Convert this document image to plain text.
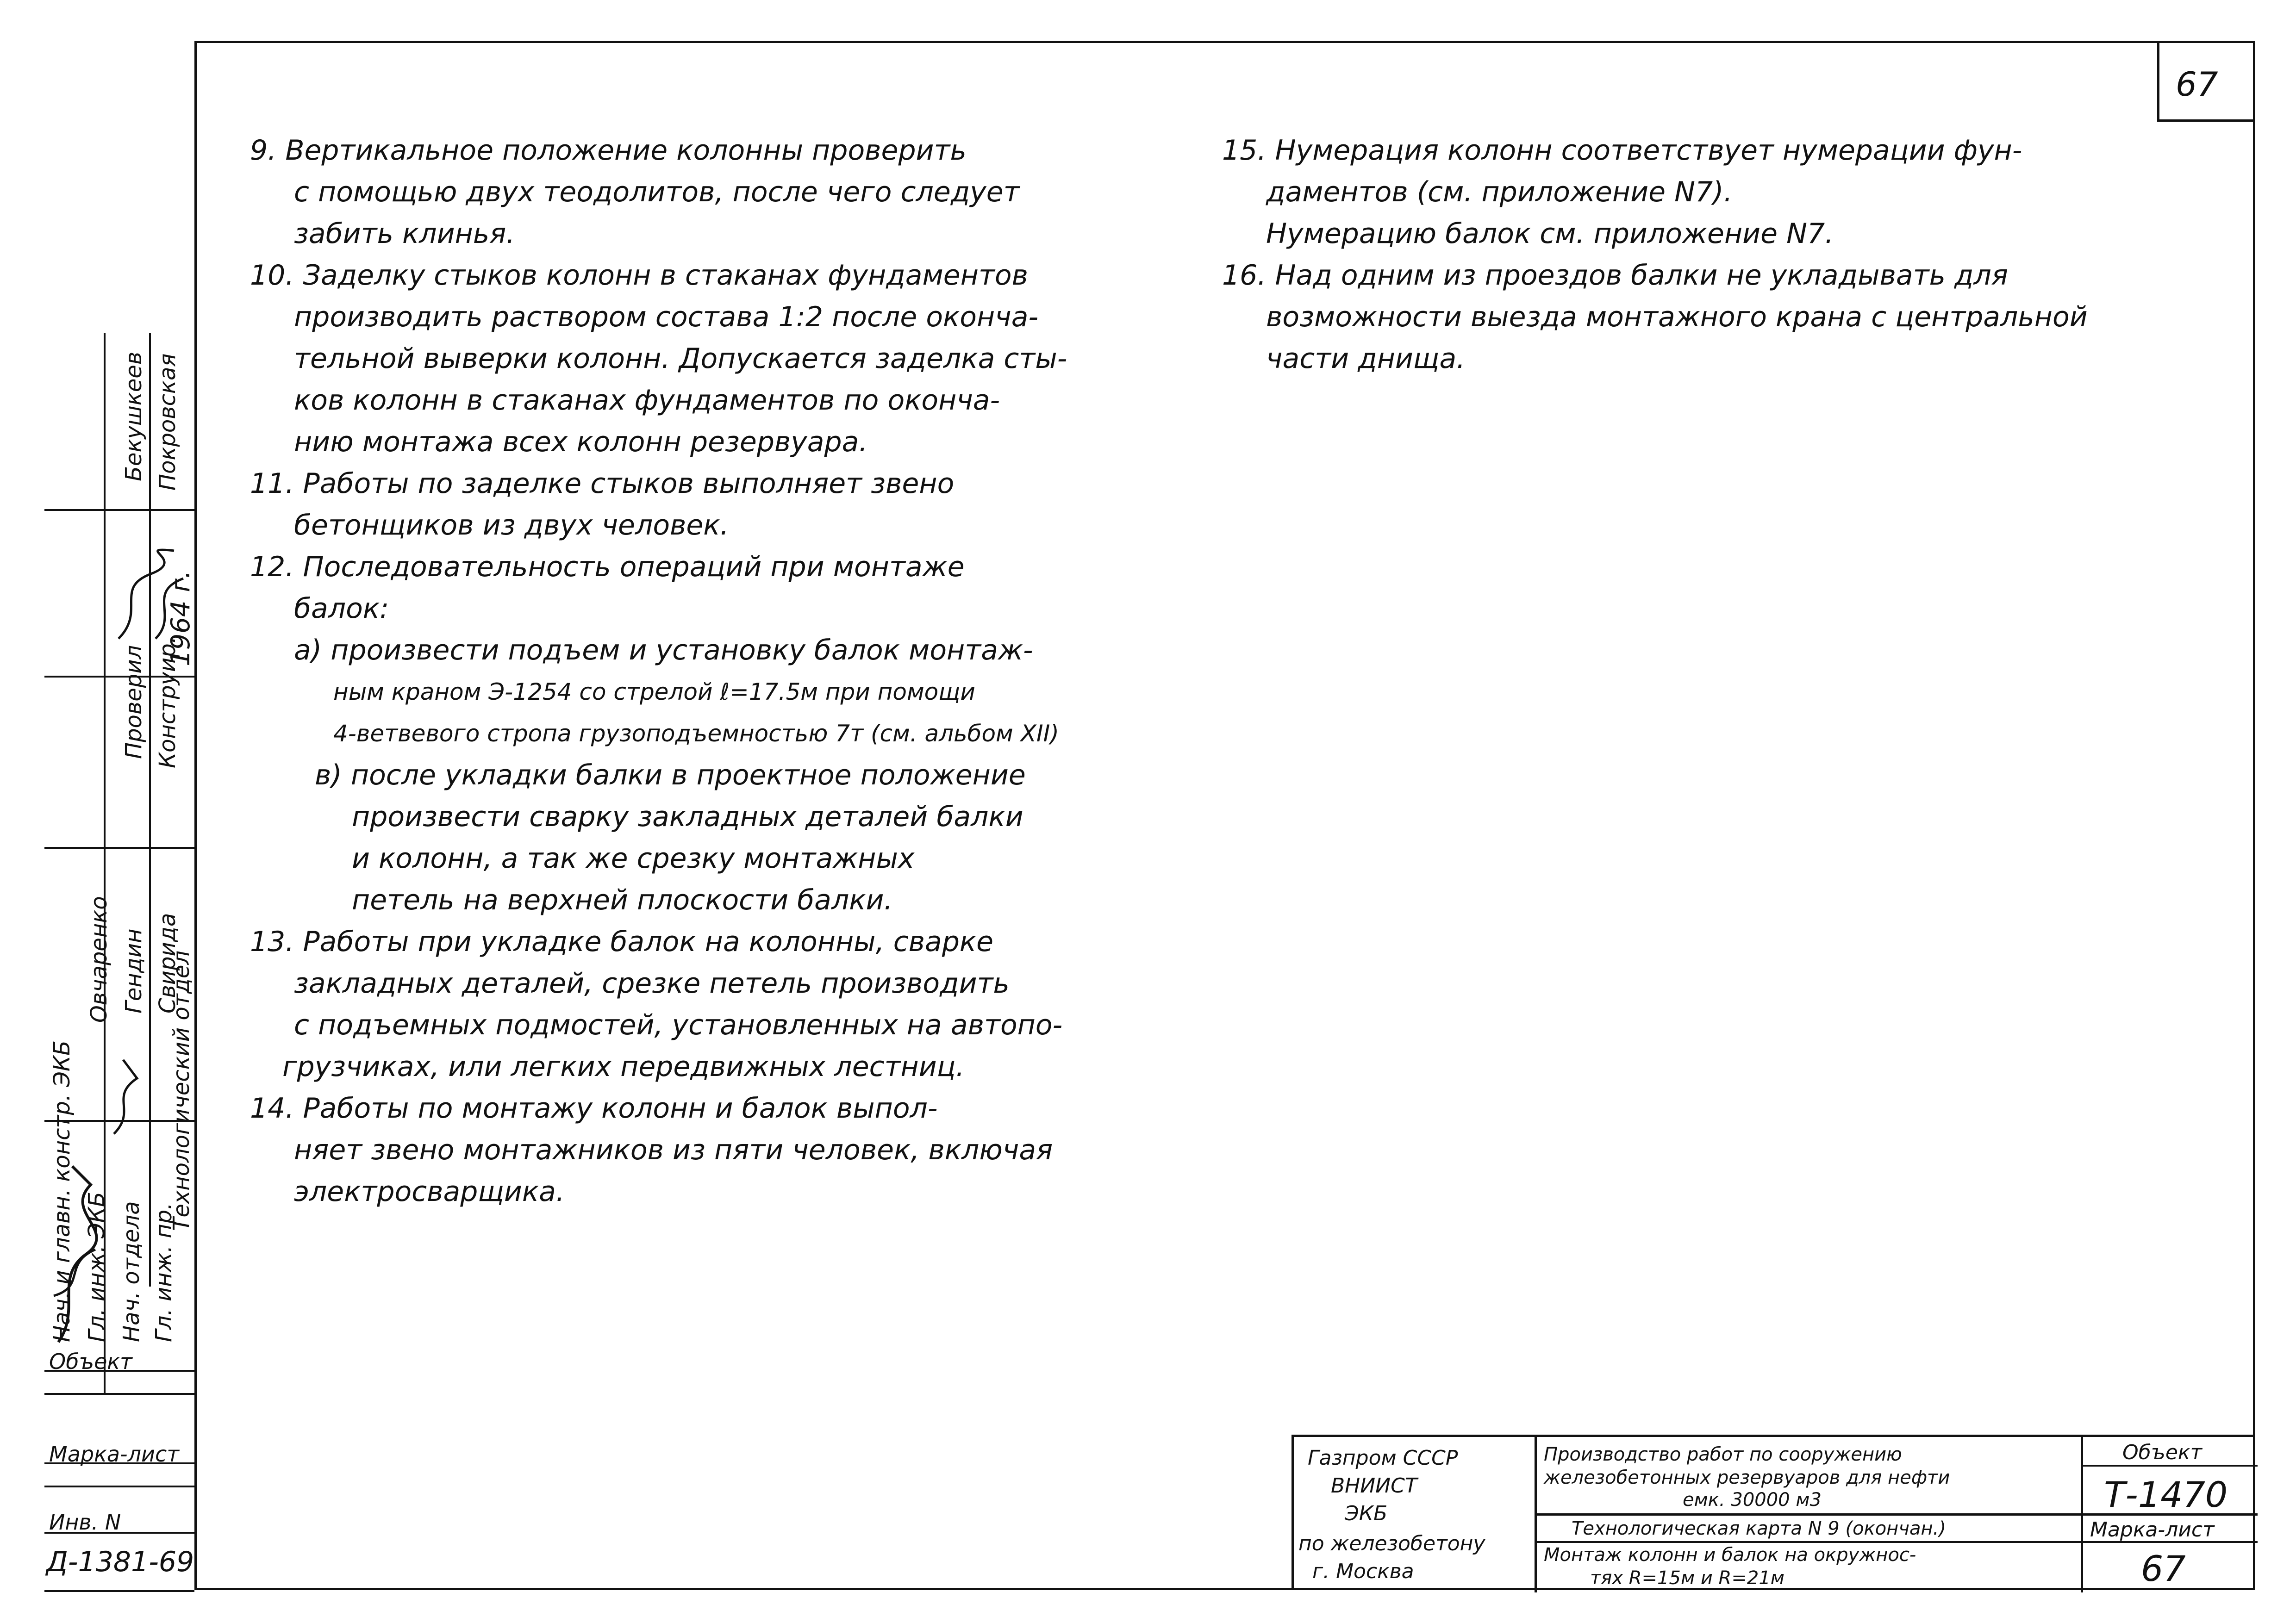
67

9. Вертикальное положение колонны проверить

с помощью двух теодолитов, после чего следует

забить клинья.

10. Заделку стыков колонн в стаканах фундаментов

производить раствором состава 1:2 после оконча-

тельной выверки колонн. Допускается заделка сты-

ков колонн в стаканах фундаментов по оконча-

нию монтажа всех колонн резервуара.

11. Работы по заделке стыков выполняет звено

бетонщиков из двух человек.

12. Последовательность операций при монтаже

балок:

а) произвести подъем и установку балок монтаж-

ным краном Э-1254 со стрелой ℓ=17.5м при помощи

4-ветвевого стропа грузоподъемностью 7т (см. альбом XII)

в) после укладки балки в проектное положение

произвести сварку закладных деталей балки

и колонн, а так же срезку монтажных

петель на верхней плоскости балки.

13. Работы при укладке балок на колонны, сварке

закладных деталей, срезке петель производить

с подъемных подмостей, установленных на автопо-

грузчиках, или легких передвижных лестниц.

14. Работы по монтажу колонн и балок выпол-

няет звено монтажников из пяти человек, включая

электросварщика.

15. Нумерация колонн соответствует нумерации фун-

даментов (см. приложение N7).

Нумерацию балок см. приложение N7.

16. Над одним из проездов балки не укладывать для

возможности выезда монтажного крана с центральной

части днища.

Нач. и главн. констр. ЭКБ Гл. инж. ЭКБ Нач. отдела Гл. инж. пр.
Технологический отдел
Овчаренко Гендин Свирида
Проверил Конструир.
Бекушкеев Покровская
1964 г.
Объект
Марка-лист
Инв. N
Д-1381-69
Газпром СССР
ВНИИСТ
ЭКБ
по железобетону
г. Москва
Производство работ по сооружению
железобетонных резервуаров для нефти
емк. 30000 м3
Технологическая карта N 9 (окончан.)
Монтаж колонн и балок на окружнос-
тях R=15м и R=21м
Объект
Т-1470
Марка-лист
67
